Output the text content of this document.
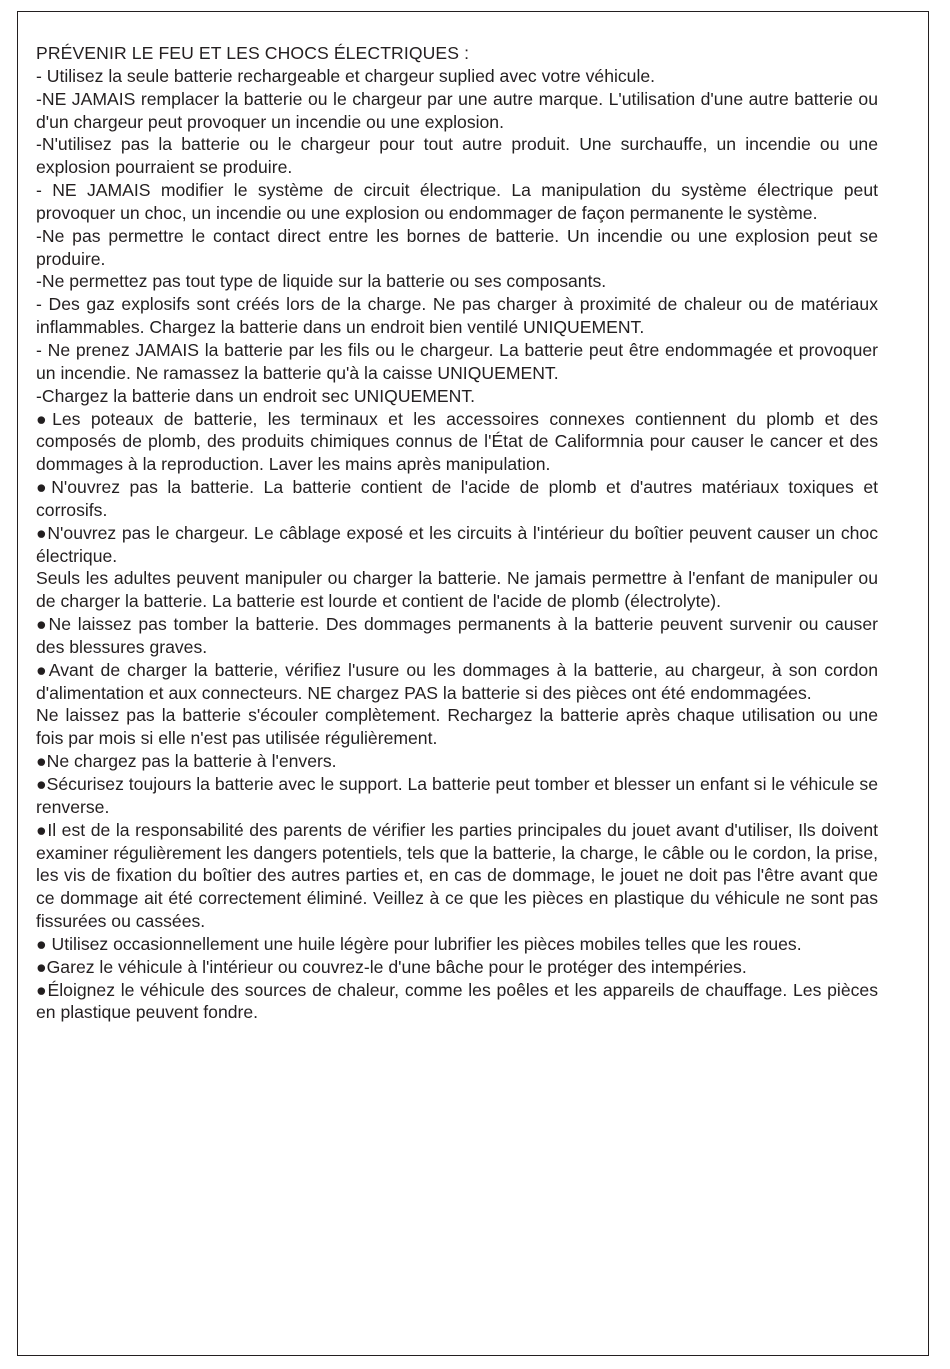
PRÉVENIR LE FEU ET LES CHOCS ÉLECTRIQUES :

- Utilisez la seule batterie rechargeable et chargeur suplied avec votre véhicule.

-NE JAMAIS remplacer la batterie ou le chargeur par une autre marque. L'utilisation d'une autre batterie ou d'un chargeur peut provoquer un incendie ou une explosion.

-N'utilisez pas la batterie ou le chargeur pour tout autre produit. Une surchauffe, un incendie ou une explosion pourraient se produire.

- NE JAMAIS modifier le système de circuit électrique. La manipulation du système électrique peut provoquer un choc, un incendie ou une explosion ou endommager de façon permanente le système.

-Ne pas permettre le contact direct entre les bornes de batterie. Un incendie ou une explosion peut se produire.

-Ne permettez pas tout type de liquide sur la batterie ou ses composants.

- Des gaz explosifs sont créés lors de la charge. Ne pas charger à proximité de chaleur ou de matériaux inflammables. Chargez la batterie dans un endroit bien ventilé UNIQUEMENT.

- Ne prenez JAMAIS la batterie par les fils ou le chargeur. La batterie peut être endommagée et provoquer un incendie. Ne ramassez la batterie qu'à la caisse UNIQUEMENT.

-Chargez la batterie dans un endroit sec UNIQUEMENT.

●Les poteaux de batterie, les terminaux et les accessoires connexes contiennent du plomb et des composés de plomb, des produits chimiques connus de l'État de Califormnia pour causer le cancer et des dommages à la reproduction. Laver les mains après manipulation.

●N'ouvrez pas la batterie. La batterie contient de l'acide de plomb et d'autres matériaux toxiques et corrosifs.

●N'ouvrez pas le chargeur. Le câblage exposé et les circuits à l'intérieur du boîtier peuvent causer un choc électrique.

Seuls les adultes peuvent manipuler ou charger la batterie. Ne jamais permettre à l'enfant de manipuler ou de charger la batterie. La batterie est lourde et contient de l'acide de plomb (électrolyte).

●Ne laissez pas tomber la batterie. Des dommages permanents à la batterie peuvent survenir ou causer des blessures graves.

●Avant de charger la batterie, vérifiez l'usure ou les dommages à la batterie, au chargeur, à son cordon d'alimentation et aux connecteurs. NE chargez PAS la batterie si des pièces ont été endommagées.

Ne laissez pas la batterie s'écouler complètement. Rechargez la batterie après chaque utilisation ou une fois par mois si elle n'est pas utilisée régulièrement.

●Ne chargez pas la batterie à l'envers.

●Sécurisez toujours la batterie avec le support. La batterie peut tomber et blesser un enfant si le véhicule se renverse.

●Il est de la responsabilité des parents de vérifier les parties principales du jouet avant d'utiliser, Ils doivent examiner régulièrement les dangers potentiels, tels que la batterie, la charge, le câble ou le cordon, la prise, les vis de fixation du boîtier des autres parties et, en cas de dommage, le jouet ne doit pas l'être avant que ce dommage ait été correctement éliminé. Veillez à ce que les pièces en plastique du véhicule ne sont pas fissurées ou cassées.

● Utilisez occasionnellement une huile légère pour lubrifier les pièces mobiles telles que les roues.

●Garez le véhicule à l'intérieur ou couvrez-le d'une bâche pour le protéger des intempéries.

●Éloignez le véhicule des sources de chaleur, comme les poêles et les appareils de chauffage. Les pièces en plastique peuvent fondre.
